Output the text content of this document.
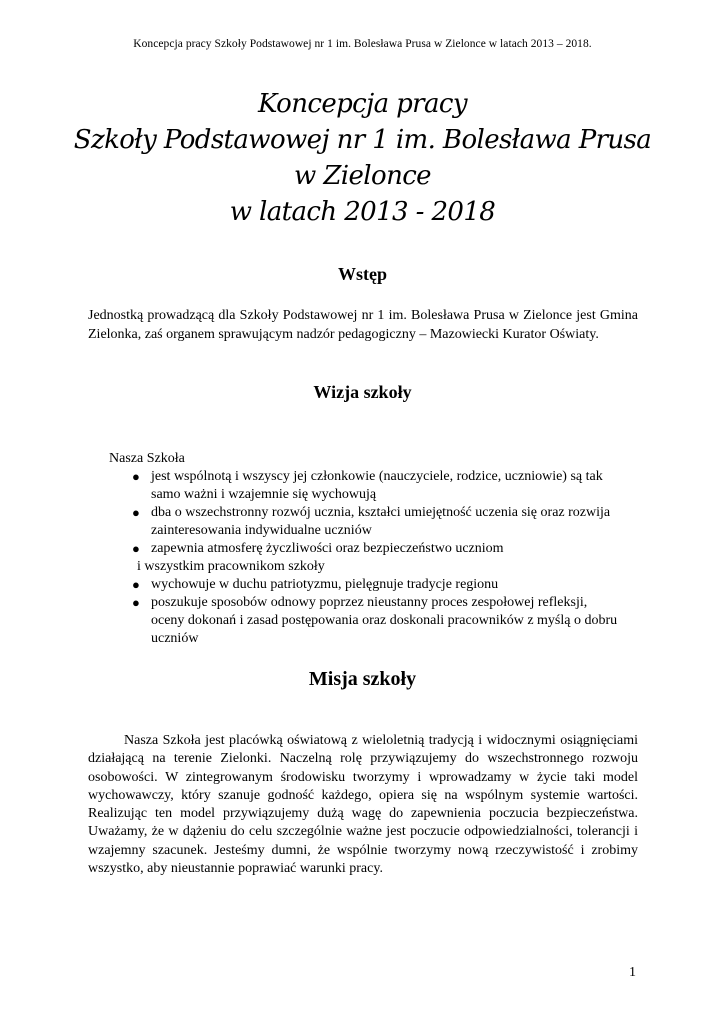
Koncepcja pracy Szkoły Podstawowej nr 1 im. Bolesława Prusa w Zielonce w latach 2013 – 2018.
Koncepcja pracy
Szkoły Podstawowej nr 1 im. Bolesława Prusa
w Zielonce
w latach 2013 - 2018
Wstęp

Jednostką prowadzącą dla Szkoły Podstawowej nr 1 im. Bolesława Prusa w Zielonce jest Gmina Zielonka, zaś organem sprawującym nadzór pedagogiczny – Mazowiecki Kurator Oświaty.

Wizja szkoły
Nasza Szkoła
● jest wspólnotą i wszyscy jej członkowie (nauczyciele, rodzice, uczniowie) są tak
samo ważni i wzajemnie się wychowują
● dba o wszechstronny rozwój ucznia, kształci umiejętność uczenia się oraz rozwija
zainteresowania indywidualne uczniów
● zapewnia atmosferę życzliwości oraz bezpieczeństwo uczniom
i wszystkim pracownikom szkoły
● wychowuje w duchu patriotyzmu, pielęgnuje tradycje regionu
● poszukuje sposobów odnowy poprzez nieustanny proces zespołowej refleksji,
oceny dokonań i zasad postępowania oraz doskonali pracowników z myślą o dobru
uczniów
Misja szkoły
Nasza Szkoła jest placówką oświatową z wieloletnią tradycją i widocznymi osiągnięciami działającą na terenie Zielonki. Naczelną rolę przywiązujemy do wszechstronnego rozwoju osobowości. W zintegrowanym środowisku tworzymy i wprowadzamy w życie taki model wychowawczy, który szanuje godność każdego, opiera się na wspólnym systemie wartości. Realizując ten model przywiązujemy dużą wagę do zapewnienia poczucia bezpieczeństwa. Uważamy, że w dążeniu do celu szczególnie ważne jest poczucie odpowiedzialności, tolerancji i wzajemny szacunek. Jesteśmy dumni, że wspólnie tworzymy nową rzeczywistość i zrobimy wszystko, aby nieustannie poprawiać warunki pracy.
1
